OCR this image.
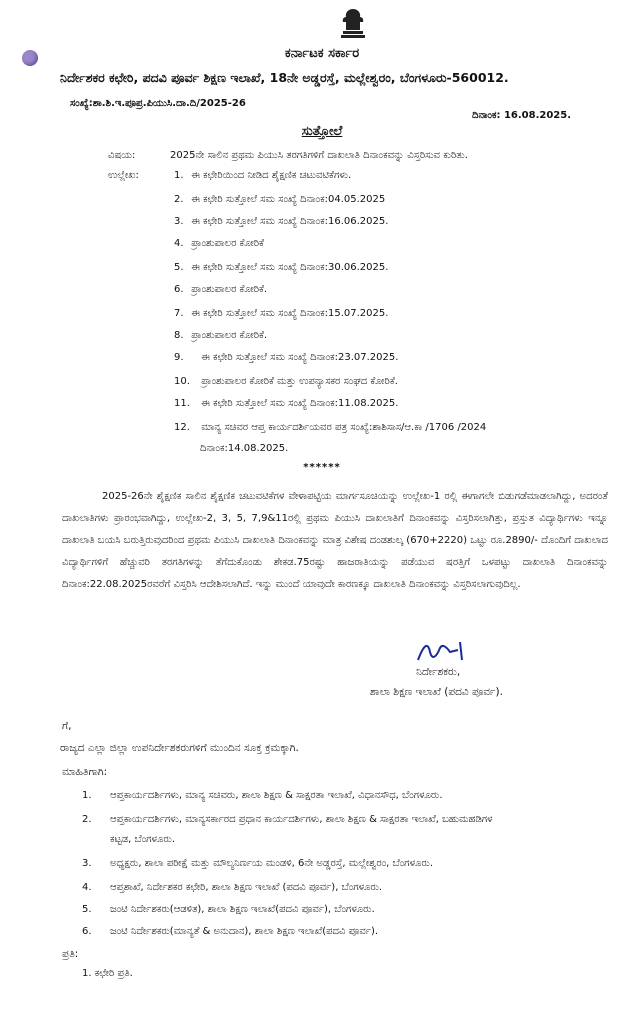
ಕರ್ನಾಟಕ ಸರ್ಕಾರ
ನಿರ್ದೇಶಕರ ಕಛೇರಿ, ಪದವಿ ಪೂರ್ವ ಶಿಕ್ಷಣ ಇಲಾಖೆ, 18ನೇ ಅಡ್ಡರಸ್ತೆ, ಮಲ್ಲೇಶ್ವರಂ, ಬೆಂಗಳೂರು-560012.
ಸಂಖ್ಯೆ:ಶಾ.ಶಿ.ಇ.ಪೂಪ್ರ.ಪಿಯುಸಿ.ದಾ.ದಿ/2025-26
ದಿನಾಂಕ: 16.08.2025.
ಸುತ್ತೋಲೆ
ವಿಷಯ:	2025ನೇ ಸಾಲಿನ ಪ್ರಥಮ ಪಿಯುಸಿ ತರಗತಿಗಳಿಗೆ ದಾಖಲಾತಿ ದಿನಾಂಕವನ್ನು ವಿಸ್ತರಿಸುವ ಕುರಿತು.
ಉಲ್ಲೇಖ:	1. ಈ ಕಛೇರಿಯಿಂದ ನೀಡಿದ ಶೈಕ್ಷಣಿಕ ಚಟುವಟಿಕೆಗಳು.
2. ಈ ಕಛೇರಿ ಸುತ್ತೋಲೆ ಸಮ ಸಂಖ್ಯೆ ದಿನಾಂಕ:04.05.2025
3. ಈ ಕಛೇರಿ ಸುತ್ತೋಲೆ ಸಮ ಸಂಖ್ಯೆ ದಿನಾಂಕ:16.06.2025.
4. ಪ್ರಾಂಶುಪಾಲರ ಕೋರಿಕೆ
5. ಈ ಕಛೇರಿ ಸುತ್ತೋಲೆ ಸಮ ಸಂಖ್ಯೆ ದಿನಾಂಕ:30.06.2025.
6. ಪ್ರಾಂಶುಪಾಲರ ಕೋರಿಕೆ.
7. ಈ ಕಛೇರಿ ಸುತ್ತೋಲೆ ಸಮ ಸಂಖ್ಯೆ ದಿನಾಂಕ:15.07.2025.
8. ಪ್ರಾಂಶುಪಾಲರ ಕೋರಿಕೆ.
9. ಈ ಕಛೇರಿ ಸುತ್ತೋಲೆ ಸಮ ಸಂಖ್ಯೆ ದಿನಾಂಕ:23.07.2025.
10. ಪ್ರಾಂಶುಪಾಲರ ಕೋರಿಕೆ ಮತ್ತು ಉಪನ್ಯಾಸಕರ ಸಂಘದ ಕೋರಿಕೆ.
11. ಈ ಕಛೇರಿ ಸುತ್ತೋಲೆ ಸಮ ಸಂಖ್ಯೆ ದಿನಾಂಕ:11.08.2025.
12. ಮಾನ್ಯ ಸಚಿವರ ಆಪ್ತ ಕಾರ್ಯದರ್ಶಿಯವರ ಪತ್ರ ಸಂಖ್ಯೆ:ಶಾಶಿಸಾಸ/ಆ.ಕಾ /1706 /2024
ದಿನಾಂಕ:14.08.2025.
******
2025-26ನೇ ಶೈಕ್ಷಣಿಕ ಸಾಲಿನ ಶೈಕ್ಷಣಿಕ ಚಟುವಟಿಕೆಗಳ ವೇಳಾಪಟ್ಟಿಯ ಮಾರ್ಗಸೂಚಿಯನ್ನು ಉಲ್ಲೇಖ-1 ರಲ್ಲಿ ಈಗಾಗಲೇ ಬಿಡುಗಡೆಮಾಡಲಾಗಿದ್ದು, ಅದರಂತೆ ದಾಖಲಾತಿಗಳು ಪ್ರಾರಂಭವಾಗಿದ್ದು, ಉಲ್ಲೇಖ-2, 3, 5, 7,9&11ರಲ್ಲಿ ಪ್ರಥಮ ಪಿಯುಸಿ ದಾಖಲಾತಿಗೆ ದಿನಾಂಕವನ್ನು ವಿಸ್ತರಿಸಲಾಗಿತ್ತು, ಪ್ರಸ್ತುತ ವಿದ್ಯಾರ್ಥಿಗಳು ಇನ್ನೂ ದಾಖಲಾತಿ ಬಯಸಿ ಬರುತ್ತಿರುವುದರಿಂದ ಪ್ರಥಮ ಪಿಯುಸಿ ದಾಖಲಾತಿ ದಿನಾಂಕವನ್ನು ಮಾತ್ರ ವಿಶೇಷ ದಂಡಶುಲ್ಕ (670+2220) ಒಟ್ಟು ರೂ.2890/- ದೊಂದಿಗೆ ದಾಖಲಾದ ವಿದ್ಯಾರ್ಥಿಗಳಿಗೆ ಹೆಚ್ಚುವರಿ ತರಗತಿಗಳನ್ನು ತೆಗೆದುಕೊಂಡು ಶೇಕಡ.75ರಷ್ಟು ಹಾಜರಾತಿಯನ್ನು ಪಡೆಯುವ ಷರತ್ತಿಗೆ ಒಳಪಟ್ಟು ದಾಖಲಾತಿ ದಿನಾಂಕವನ್ನು ದಿನಾಂಕ:22.08.2025ರವರೆಗೆ ವಿಸ್ತರಿಸಿ ಆದೇಶಿಸಲಾಗಿದೆ. ಇನ್ನು ಮುಂದೆ ಯಾವುದೇ ಕಾರಣಕ್ಕೂ ದಾಖಲಾತಿ ದಿನಾಂಕವನ್ನು ವಿಸ್ತರಿಸಲಾಗುವುದಿಲ್ಲ.
ನಿರ್ದೇಶಕರು,
ಶಾಲಾ ಶಿಕ್ಷಣ ಇಲಾಖೆ (ಪದವಿ ಪೂರ್ವ).
ಗೆ,
ರಾಜ್ಯದ ಎಲ್ಲಾ ಜಿಲ್ಲಾ ಉಪನಿರ್ದೇಶಕರುಗಳಿಗೆ ಮುಂದಿನ ಸೂಕ್ತ ಕ್ರಮಕ್ಕಾಗಿ.
ಮಾಹಿತಿಗಾಗಿ:
1. ಆಪ್ತಕಾರ್ಯದರ್ಶಿಗಳು, ಮಾನ್ಯ ಸಚಿವರು, ಶಾಲಾ ಶಿಕ್ಷಣ & ಸಾಕ್ಷರತಾ ಇಲಾಖೆ, ವಿಧಾನಸೌಧ, ಬೆಂಗಳೂರು.
2. ಆಪ್ತಕಾರ್ಯದರ್ಶಿಗಳು, ಮಾನ್ಯಸರ್ಕಾರದ ಪ್ರಧಾನ ಕಾರ್ಯದರ್ಶಿಗಳು, ಶಾಲಾ ಶಿಕ್ಷಣ & ಸಾಕ್ಷರತಾ ಇಲಾಖೆ, ಬಹುಮಹಡಿಗಳ
3. ಅಧ್ಯಕ್ಷರು, ಶಾಲಾ ಪರೀಕ್ಷೆ ಮತ್ತು ಮೌಲ್ಯನಿರ್ಣಯ ಮಂಡಳಿ, 6ನೇ ಅಡ್ಡರಸ್ತೆ, ಮಲ್ಲೇಶ್ವರಂ, ಬೆಂಗಳೂರು.
4. ಆಪ್ತಶಾಖೆ, ನಿರ್ದೇಶಕರ ಕಛೇರಿ, ಶಾಲಾ ಶಿಕ್ಷಣ ಇಲಾಖೆ (ಪದವಿ ಪೂರ್ವ), ಬೆಂಗಳೂರು.
5. ಜಂಟಿ ನಿರ್ದೇಶಕರು(ಆಡಳಿತ), ಶಾಲಾ ಶಿಕ್ಷಣ ಇಲಾಖೆ(ಪದವಿ ಪೂರ್ವ), ಬೆಂಗಳೂರು.
6. ಜಂಟಿ ನಿರ್ದೇಶಕರು(ಮಾನ್ಯತೆ & ಅನುದಾನ), ಶಾಲಾ ಶಿಕ್ಷಣ ಇಲಾಖೆ(ಪದವಿ ಪೂರ್ವ).
ಕಟ್ಟಡ, ಬೆಂಗಳೂರು.
ಪ್ರತಿ:
1. ಕಛೇರಿ ಪ್ರತಿ.
